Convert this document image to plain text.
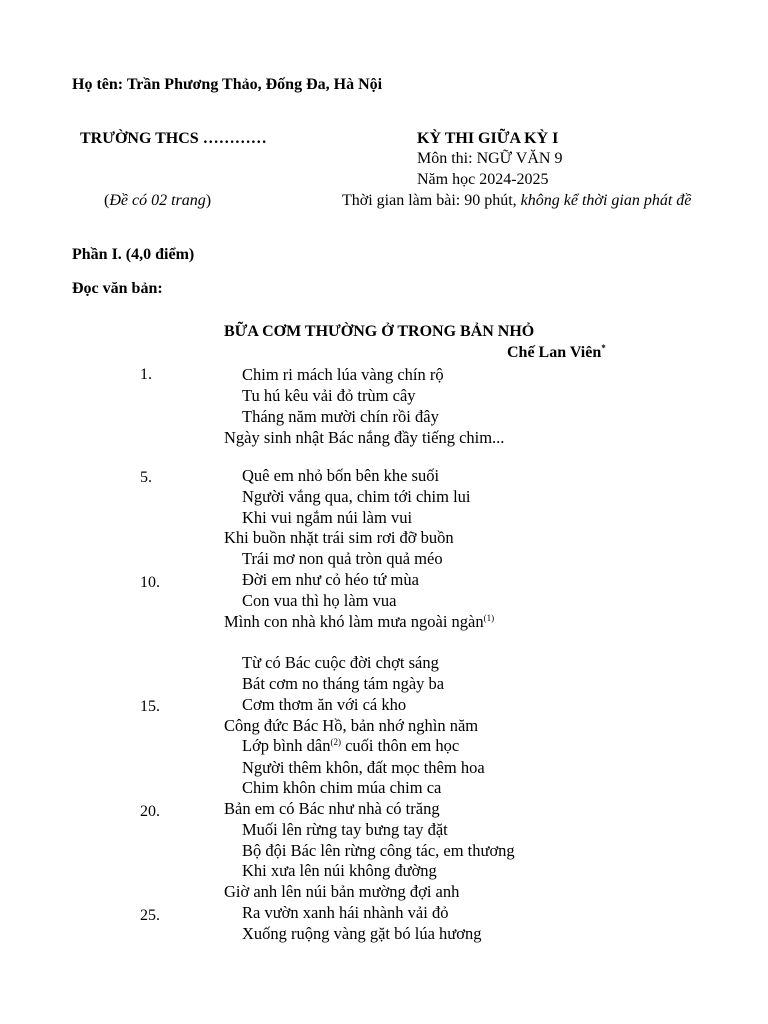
Họ tên: Trần Phương Thảo, Đống Đa, Hà Nội
TRƯỜNG THCS …………
(Đề có 02 trang)
KỲ THI GIỮA KỲ I
Môn thi: NGỮ VĂN 9
Năm học 2024-2025
Thời gian làm bài: 90 phút, không kể thời gian phát đề
Phần I. (4,0 điểm)
Đọc văn bản:
BỮA CƠM THƯỜNG Ở TRONG BẢN NHỎ
Chế Lan Viên*
1.
5.
10.
15.
20.
25.
Chim ri mách lúa vàng chín rộ
Tu hú kêu vải đỏ trùm cây
Tháng năm mười chín rồi đây
Ngày sinh nhật Bác nắng đầy tiếng chim...
Quê em nhỏ bốn bên khe suối
Người vắng qua, chim tới chim lui
Khi vui ngắm núi làm vui
Khi buồn nhặt trái sim rơi đỡ buồn
Trái mơ non quả tròn quả méo
Đời em như cỏ héo tứ mùa
Con vua thì họ làm vua
Mình con nhà khó làm mưa ngoài ngàn$^{(1)}$
Từ có Bác cuộc đời chợt sáng
Bát cơm no tháng tám ngày ba
Cơm thơm ăn với cá kho
Công đức Bác Hồ, bản nhớ nghìn năm
Lớp bình dân$^{(2)}$ cuối thôn em học
Người thêm khôn, đất mọc thêm hoa
Chim khôn chim múa chim ca
Bản em có Bác như nhà có trăng
Muối lên rừng tay bưng tay đặt
Bộ đội Bác lên rừng công tác, em thương
Khi xưa lên núi không đường
Giờ anh lên núi bản mường đợi anh
Ra vườn xanh hái nhành vải đỏ
Xuống ruộng vàng gặt bó lúa hương
